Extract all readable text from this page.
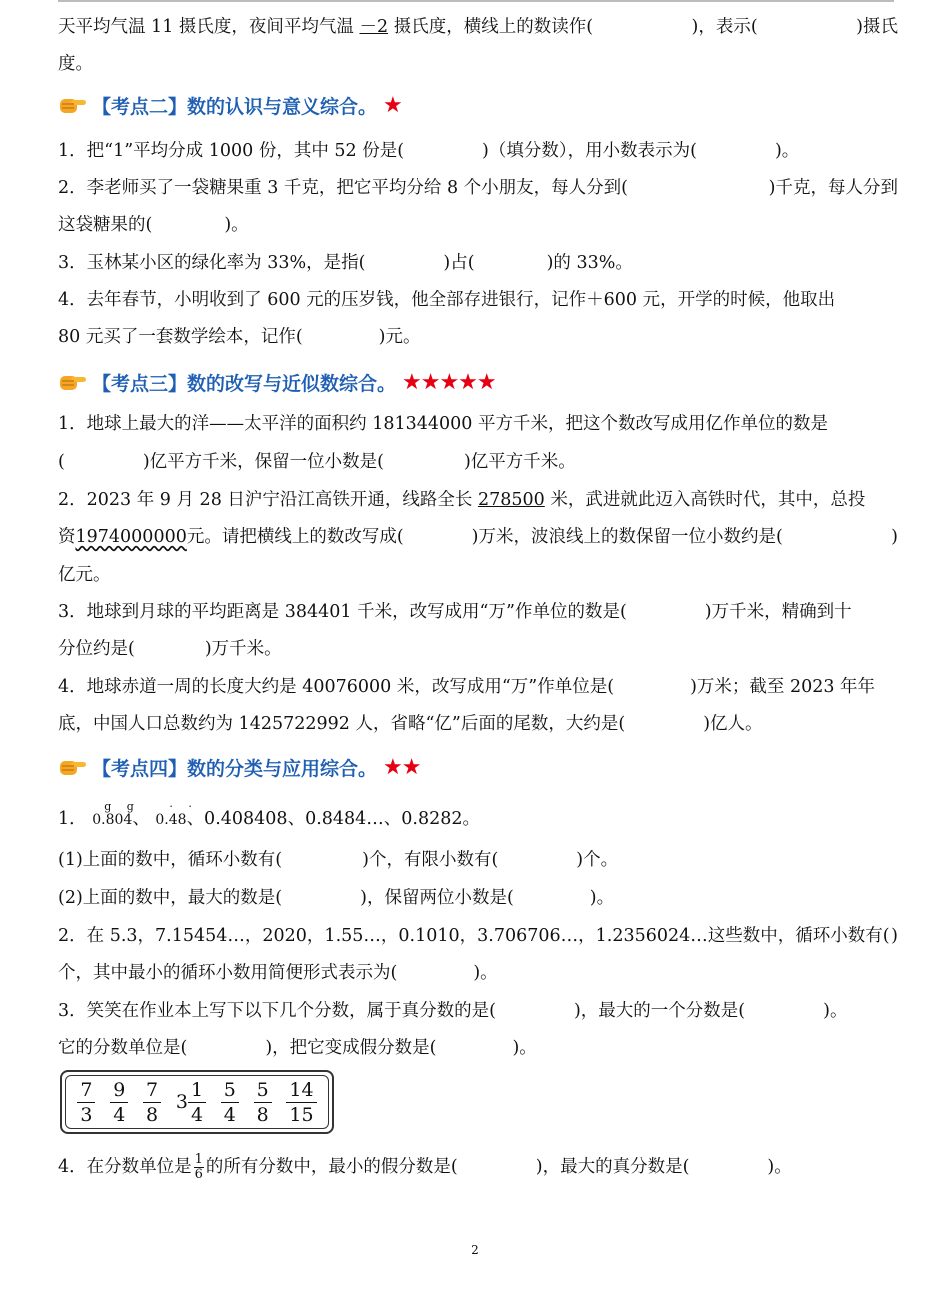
天平均气温 11 摄氏度，夜间平均气温 －2 摄氏度，横线上的数读作(	)，表示(	)摄氏
度。
【考点二】数的认识与意义综合。 ★
1．把“1”平均分成 1000 份，其中 52 份是(	)（填分数），用小数表示为(	)。
2．李老师买了一袋糖果重 3 千克，把它平均分给 8 个小朋友，每人分到(	)千克，每人分到
这袋糖果的(	)。
3．玉林某小区的绿化率为 33%，是指(	)占(	)的 33%。
4．去年春节，小明收到了 600 元的压岁钱，他全部存进银行，记作＋600 元，开学的时候，他取出
80 元买了一套数学绘本，记作(	)元。
【考点三】数的改写与近似数综合。 ★★★★★
1．地球上最大的洋——太平洋的面积约 181344000 平方千米，把这个数改写成用亿作单位的数是
(	)亿平方千米，保留一位小数是(	)亿平方千米。
2．2023 年 9 月 28 日沪宁沿江高铁开通，线路全长 278500 米，武进就此迈入高铁时代，其中，总投
资1974000000元。请把横线上的数改写成(	)万米，波浪线上的数保留一位小数约是(	)
亿元。
3．地球到月球的平均距离是 384401 千米，改写成用“万”作单位的数是(	)万千米，精确到十
分位约是(	)万千米。
4．地球赤道一周的长度大约是 40076000 米，改写成用“万”作单位是(	)万米；截至 2023 年年
底，中国人口总数约为 1425722992 人，省略“亿”后面的尾数，大约是(	)亿人。
【考点四】数的分类与应用综合。 ★★
1．
g g
0.804、
· ·
0.48、0.408408、0.8484…、0.8282。
(1)上面的数中，循环小数有(	)个，有限小数有(	)个。
(2)上面的数中，最大的数是(	)，保留两位小数是(	)。
2．在 5.3，7.15454…，2020，1.55…，0.1010，3.706706…，1.2356024…这些数中，循环小数有( )
个，其中最小的循环小数用简便形式表示为(	)。
3．笑笑在作业本上写下以下几个分数，属于真分数的是(	)，最大的一个分数是(	)。
它的分数单位是(	)，把它变成假分数是(	)。
$\frac{7}{3} \frac{9}{4} \frac{7}{8} 3 \frac{1}{4} \frac{5}{4} \frac{5}{8} \frac{14}{15}$
4．在分数单位是 $\frac{1}{6}$ 的所有分数中，最小的假分数是(	)，最大的真分数是(	)。
2
